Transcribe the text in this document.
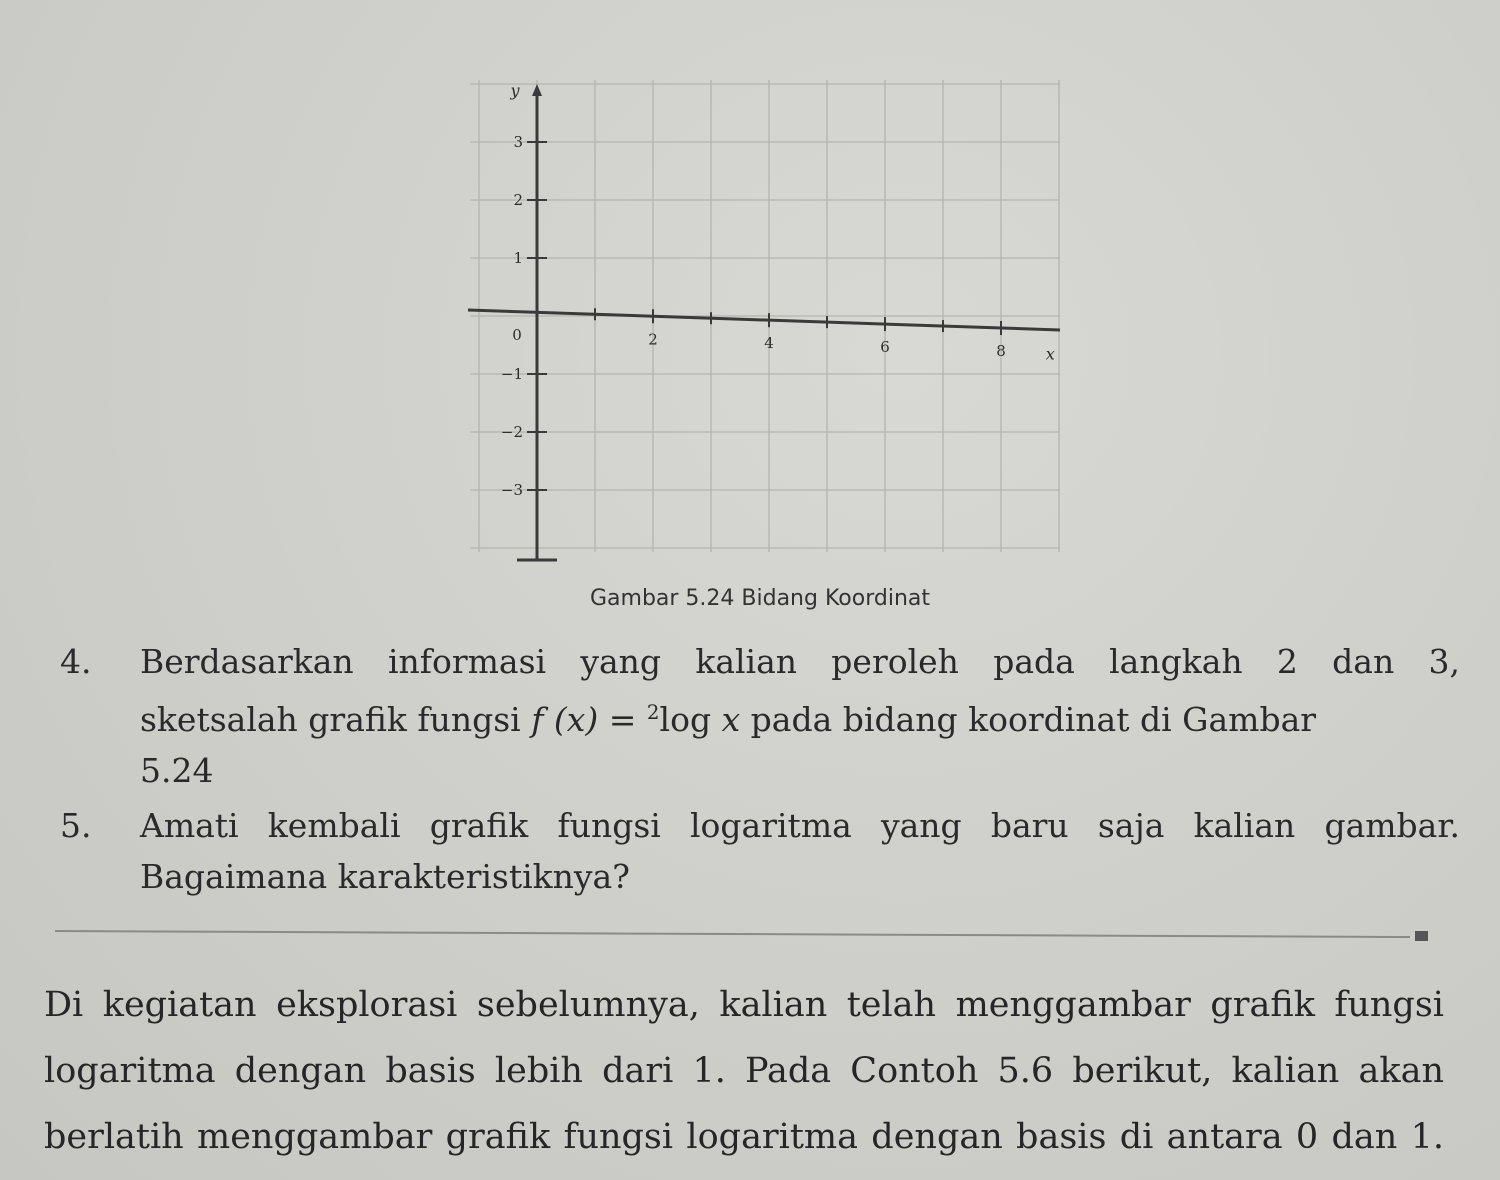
2	4	6	8
3
2
1
−1
−2
−3
x
y
0
Gambar 5.24 Bidang Koordinat
4. Berdasarkan informasi yang kalian peroleh pada langkah 2 dan 3,
sketsalah grafik fungsi f (x) = $^2$log x pada bidang koordinat di Gambar
5.24
5. Amati kembali grafik fungsi logaritma yang baru saja kalian gambar.
Bagaimana karakteristiknya?
Di kegiatan eksplorasi sebelumnya, kalian telah menggambar grafik fungsi
logaritma dengan basis lebih dari 1. Pada Contoh 5.6 berikut, kalian akan
berlatih menggambar grafik fungsi logaritma dengan basis di antara 0 dan 1.
